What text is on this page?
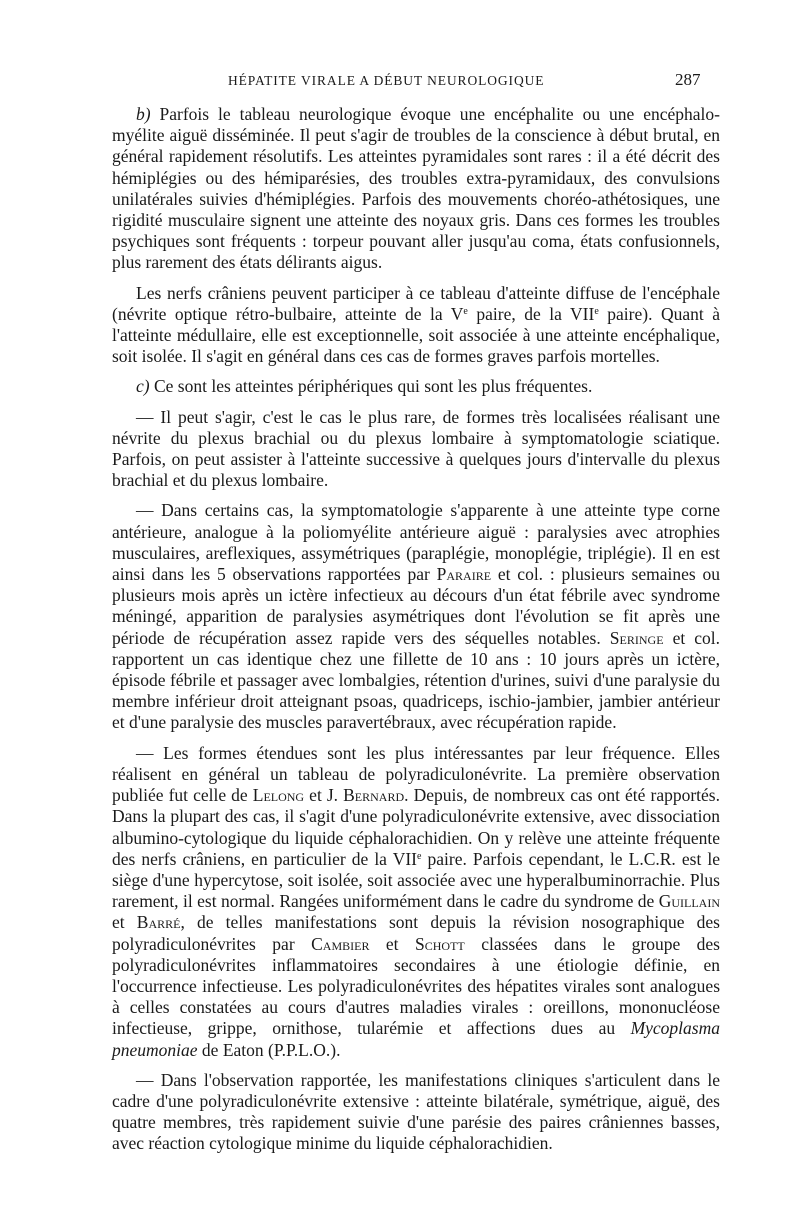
HÉPATITE VIRALE A DÉBUT NEUROLOGIQUE	287

b) Parfois le tableau neurologique évoque une encéphalite ou une encéphalo-myélite aiguë disséminée. Il peut s'agir de troubles de la conscience à début brutal, en général rapidement résolutifs. Les atteintes pyramidales sont rares : il a été décrit des hémiplégies ou des hémiparésies, des troubles extra-pyramidaux, des convulsions unilatérales suivies d'hémiplégies. Parfois des mouvements choréo-athétosiques, une rigidité musculaire signent une atteinte des noyaux gris. Dans ces formes les troubles psychiques sont fréquents : torpeur pouvant aller jusqu'au coma, états confusionnels, plus rarement des états délirants aigus.

Les nerfs crâniens peuvent participer à ce tableau d'atteinte diffuse de l'encéphale (névrite optique rétro-bulbaire, atteinte de la Ve paire, de la VIIe paire). Quant à l'atteinte médullaire, elle est exceptionnelle, soit associée à une atteinte encéphalique, soit isolée. Il s'agit en général dans ces cas de formes graves parfois mortelles.

c) Ce sont les atteintes périphériques qui sont les plus fréquentes.

— Il peut s'agir, c'est le cas le plus rare, de formes très localisées réalisant une névrite du plexus brachial ou du plexus lombaire à symptomatologie sciatique. Parfois, on peut assister à l'atteinte successive à quelques jours d'intervalle du plexus brachial et du plexus lombaire.

— Dans certains cas, la symptomatologie s'apparente à une atteinte type corne antérieure, analogue à la poliomyélite antérieure aiguë : paralysies avec atrophies musculaires, areflexiques, assymétriques (paraplégie, monoplégie, triplégie). Il en est ainsi dans les 5 observations rapportées par Paraire et col. : plusieurs semaines ou plusieurs mois après un ictère infectieux au décours d'un état fébrile avec syndrome méningé, apparition de paralysies asymétriques dont l'évolution se fit après une période de récupération assez rapide vers des séquelles notables. Seringe et col. rapportent un cas identique chez une fillette de 10 ans : 10 jours après un ictère, épisode fébrile et passager avec lombalgies, rétention d'urines, suivi d'une paralysie du membre inférieur droit atteignant psoas, quadriceps, ischio-jambier, jambier antérieur et d'une paralysie des muscles paravertébraux, avec récupération rapide.

— Les formes étendues sont les plus intéressantes par leur fréquence. Elles réalisent en général un tableau de polyradiculonévrite. La première observation publiée fut celle de Lelong et J. Bernard. Depuis, de nombreux cas ont été rapportés. Dans la plupart des cas, il s'agit d'une polyradiculonévrite extensive, avec dissociation albumino-cytologique du liquide céphalorachidien. On y relève une atteinte fréquente des nerfs crâniens, en particulier de la VIIe paire. Parfois cependant, le L.C.R. est le siège d'une hypercytose, soit isolée, soit associée avec une hyperalbuminorrachie. Plus rarement, il est normal. Rangées uniformément dans le cadre du syndrome de Guillain et Barré, de telles manifestations sont depuis la révision nosographique des polyradiculonévrites par Cambier et Schott classées dans le groupe des polyradiculonévrites inflammatoires secondaires à une étiologie définie, en l'occurrence infectieuse. Les polyradiculonévrites des hépatites virales sont analogues à celles constatées au cours d'autres maladies virales : oreillons, mononucléose infectieuse, grippe, ornithose, tularémie et affections dues au Mycoplasma pneumoniae de Eaton (P.P.L.O.).

— Dans l'observation rapportée, les manifestations cliniques s'articulent dans le cadre d'une polyradiculonévrite extensive : atteinte bilatérale, symétrique, aiguë, des quatre membres, très rapidement suivie d'une parésie des paires crâniennes basses, avec réaction cytologique minime du liquide céphalorachidien.
